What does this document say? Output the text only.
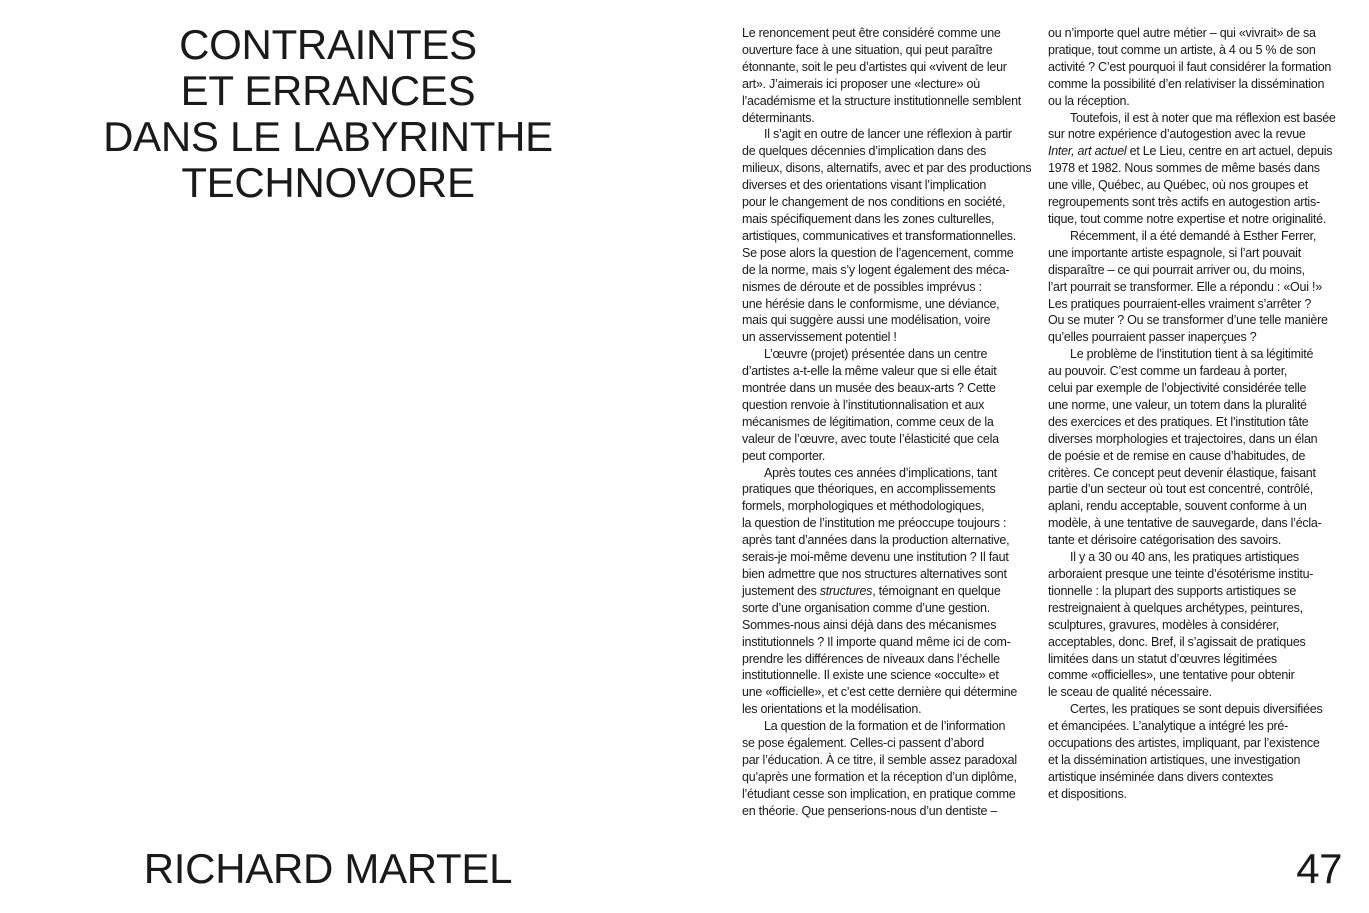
CONTRAINTES
ET ERRANCES
DANS LE LABYRINTHE
TECHNOVORE
RICHARD MARTEL	47

Le renoncement peut être considéré comme une
ouverture face à une situation, qui peut paraître
étonnante, soit le peu d’artistes qui «vivent de leur
art». J’aimerais ici proposer une «lecture» où
l’académisme et la structure institutionnelle semblent
déterminants.

Il s’agit en outre de lancer une réflexion à partir
de quelques décennies d’implication dans des
milieux, disons, alternatifs, avec et par des productions
diverses et des orientations visant l’implication
pour le changement de nos conditions en société,
mais spécifiquement dans les zones culturelles,
artistiques, communicatives et transformationnelles.
Se pose alors la question de l’agencement, comme
de la norme, mais s’y logent également des méca-
nismes de déroute et de possibles imprévus :
une hérésie dans le conformisme, une déviance,
mais qui suggère aussi une modélisation, voire
un asservissement potentiel !

L’œuvre (projet) présentée dans un centre
d’artistes a-t-elle la même valeur que si elle était
montrée dans un musée des beaux-arts ? Cette
question renvoie à l’institutionnalisation et aux
mécanismes de légitimation, comme ceux de la
valeur de l’œuvre, avec toute l’élasticité que cela
peut comporter.

Après toutes ces années d’implications, tant
pratiques que théoriques, en accomplissements
formels, morphologiques et méthodologiques,
la question de l’institution me préoccupe toujours :
après tant d’années dans la production alternative,
serais-je moi-même devenu une institution ? Il faut
bien admettre que nos structures alternatives sont
justement des structures, témoignant en quelque
sorte d’une organisation comme d’une gestion.
Sommes-nous ainsi déjà dans des mécanismes
institutionnels ? Il importe quand même ici de com-
prendre les différences de niveaux dans l’échelle
institutionnelle. Il existe une science «occulte» et
une «officielle», et c’est cette dernière qui détermine
les orientations et la modélisation.

La question de la formation et de l’information
se pose également. Celles-ci passent d’abord
par l’éducation. À ce titre, il semble assez paradoxal
qu’après une formation et la réception d’un diplôme,
l’étudiant cesse son implication, en pratique comme
en théorie. Que penserions-nous d’un dentiste –

ou n’importe quel autre métier – qui «vivrait» de sa
pratique, tout comme un artiste, à 4 ou 5 % de son
activité ? C’est pourquoi il faut considérer la formation
comme la possibilité d’en relativiser la dissémination
ou la réception.

Toutefois, il est à noter que ma réflexion est basée
sur notre expérience d’autogestion avec la revue
Inter, art actuel et Le Lieu, centre en art actuel, depuis
1978 et 1982. Nous sommes de même basés dans
une ville, Québec, au Québec, où nos groupes et
regroupements sont très actifs en autogestion artis-
tique, tout comme notre expertise et notre originalité.

Récemment, il a été demandé à Esther Ferrer,
une importante artiste espagnole, si l’art pouvait
disparaître – ce qui pourrait arriver ou, du moins,
l’art pourrait se transformer. Elle a répondu : «Oui !»
Les pratiques pourraient-elles vraiment s’arrêter ?
Ou se muter ? Ou se transformer d’une telle manière
qu’elles pourraient passer inaperçues ?

Le problème de l’institution tient à sa légitimité
au pouvoir. C’est comme un fardeau à porter,
celui par exemple de l’objectivité considérée telle
une norme, une valeur, un totem dans la pluralité
des exercices et des pratiques. Et l’institution tâte
diverses morphologies et trajectoires, dans un élan
de poésie et de remise en cause d’habitudes, de
critères. Ce concept peut devenir élastique, faisant
partie d’un secteur où tout est concentré, contrôlé,
aplani, rendu acceptable, souvent conforme à un
modèle, à une tentative de sauvegarde, dans l’écla-
tante et dérisoire catégorisation des savoirs.

Il y a 30 ou 40 ans, les pratiques artistiques
arboraient presque une teinte d’ésotérisme institu-
tionnelle : la plupart des supports artistiques se
restreignaient à quelques archétypes, peintures,
sculptures, gravures, modèles à considérer,
acceptables, donc. Bref, il s’agissait de pratiques
limitées dans un statut d’œuvres légitimées
comme «officielles», une tentative pour obtenir
le sceau de qualité nécessaire.

Certes, les pratiques se sont depuis diversifiées
et émancipées. L’analytique a intégré les pré-
occupations des artistes, impliquant, par l’existence
et la dissémination artistiques, une investigation
artistique inséminée dans divers contextes
et dispositions.
